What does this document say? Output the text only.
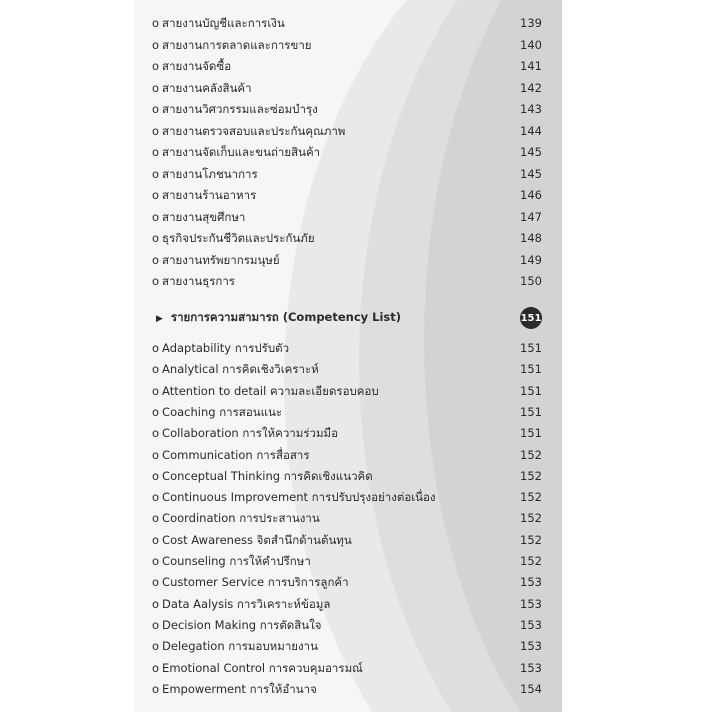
o สายงานบัญชีและการเงิน	139
o สายงานการตลาดและการขาย	140
o สายงานจัดซื้อ	141
o สายงานคลังสินค้า	142
o สายงานวิศวกรรมและซ่อมบำรุง	143
o สายงานตรวจสอบและประกันคุณภาพ	144
o สายงานจัดเก็บและขนถ่ายสินค้า	145
o สายงานโภชนาการ	145
o สายงานร้านอาหาร	146
o สายงานสุขศึกษา	147
o ธุรกิจประกันชีวิตและประกันภัย	148
o สายงานทรัพยากรมนุษย์	149
o สายงานธุรการ	150
▶ รายการความสามารถ (Competency List)	151
o Adaptability การปรับตัว	151
o Analytical การคิดเชิงวิเคราะห์	151
o Attention to detail ความละเอียดรอบคอบ	151
o Coaching การสอนแนะ	151
o Collaboration การให้ความร่วมมือ	151
o Communication การสื่อสาร	152
o Conceptual Thinking การคิดเชิงแนวคิด	152
o Continuous Improvement การปรับปรุงอย่างต่อเนื่อง	152
o Coordination การประสานงาน	152
o Cost Awareness จิตสำนึกด้านต้นทุน	152
o Counseling การให้คำปรึกษา	152
o Customer Service การบริการลูกค้า	153
o Data Aalysis การวิเคราะห์ข้อมูล	153
o Decision Making การตัดสินใจ	153
o Delegation การมอบหมายงาน	153
o Emotional Control การควบคุมอารมณ์	153
o Empowerment การให้อำนาจ	154
